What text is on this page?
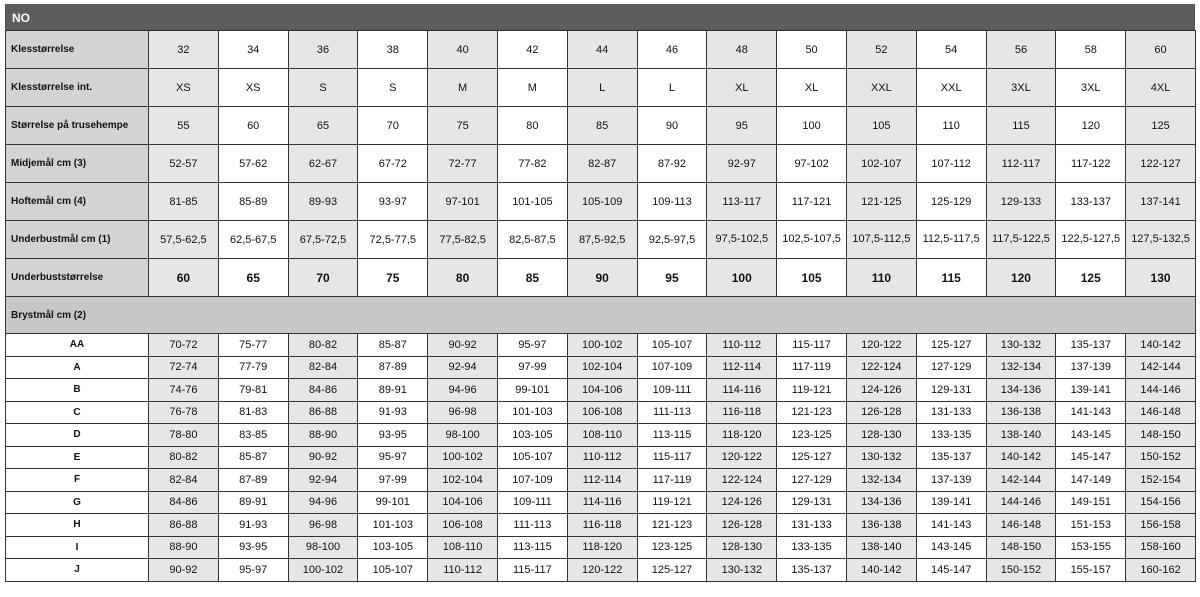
NO
Klesstørrelse	32	34	36	38	40	42	44	46	48	50	52	54	56	58	60
Klesstørrelse int.	XS	XS	S	S	M	M	L	L	XL	XL	XXL	XXL	3XL	3XL	4XL
Størrelse på trusehempe	55	60	65	70	75	80	85	90	95	100	105	110	115	120	125
Midjemål cm (3)	52-57	57-62	62-67	67-72	72-77	77-82	82-87	87-92	92-97	97-102	102-107	107-112	112-117	117-122	122-127
Hoftemål cm (4)	81-85	85-89	89-93	93-97	97-101	101-105	105-109	109-113	113-117	117-121	121-125	125-129	129-133	133-137	137-141
Underbustmål cm (1)	57,5-62,5	62,5-67,5	67,5-72,5	72,5-77,5	77,5-82,5	82,5-87,5	87,5-92,5	92,5-97,5	97,5-102,5	102,5-107,5	107,5-112,5	112,5-117,5	117,5-122,5	122,5-127,5	127,5-132,5
Underbuststørrelse	60	65	70	75	80	85	90	95	100	105	110	115	120	125	130
Brystmål cm (2)															
AA	70-72	75-77	80-82	85-87	90-92	95-97	100-102	105-107	110-112	115-117	120-122	125-127	130-132	135-137	140-142
A	72-74	77-79	82-84	87-89	92-94	97-99	102-104	107-109	112-114	117-119	122-124	127-129	132-134	137-139	142-144
B	74-76	79-81	84-86	89-91	94-96	99-101	104-106	109-111	114-116	119-121	124-126	129-131	134-136	139-141	144-146
C	76-78	81-83	86-88	91-93	96-98	101-103	106-108	111-113	116-118	121-123	126-128	131-133	136-138	141-143	146-148
D	78-80	83-85	88-90	93-95	98-100	103-105	108-110	113-115	118-120	123-125	128-130	133-135	138-140	143-145	148-150
E	80-82	85-87	90-92	95-97	100-102	105-107	110-112	115-117	120-122	125-127	130-132	135-137	140-142	145-147	150-152
F	82-84	87-89	92-94	97-99	102-104	107-109	112-114	117-119	122-124	127-129	132-134	137-139	142-144	147-149	152-154
G	84-86	89-91	94-96	99-101	104-106	109-111	114-116	119-121	124-126	129-131	134-136	139-141	144-146	149-151	154-156
H	86-88	91-93	96-98	101-103	106-108	111-113	116-118	121-123	126-128	131-133	136-138	141-143	146-148	151-153	156-158
I	88-90	93-95	98-100	103-105	108-110	113-115	118-120	123-125	128-130	133-135	138-140	143-145	148-150	153-155	158-160
J	90-92	95-97	100-102	105-107	110-112	115-117	120-122	125-127	130-132	135-137	140-142	145-147	150-152	155-157	160-162
